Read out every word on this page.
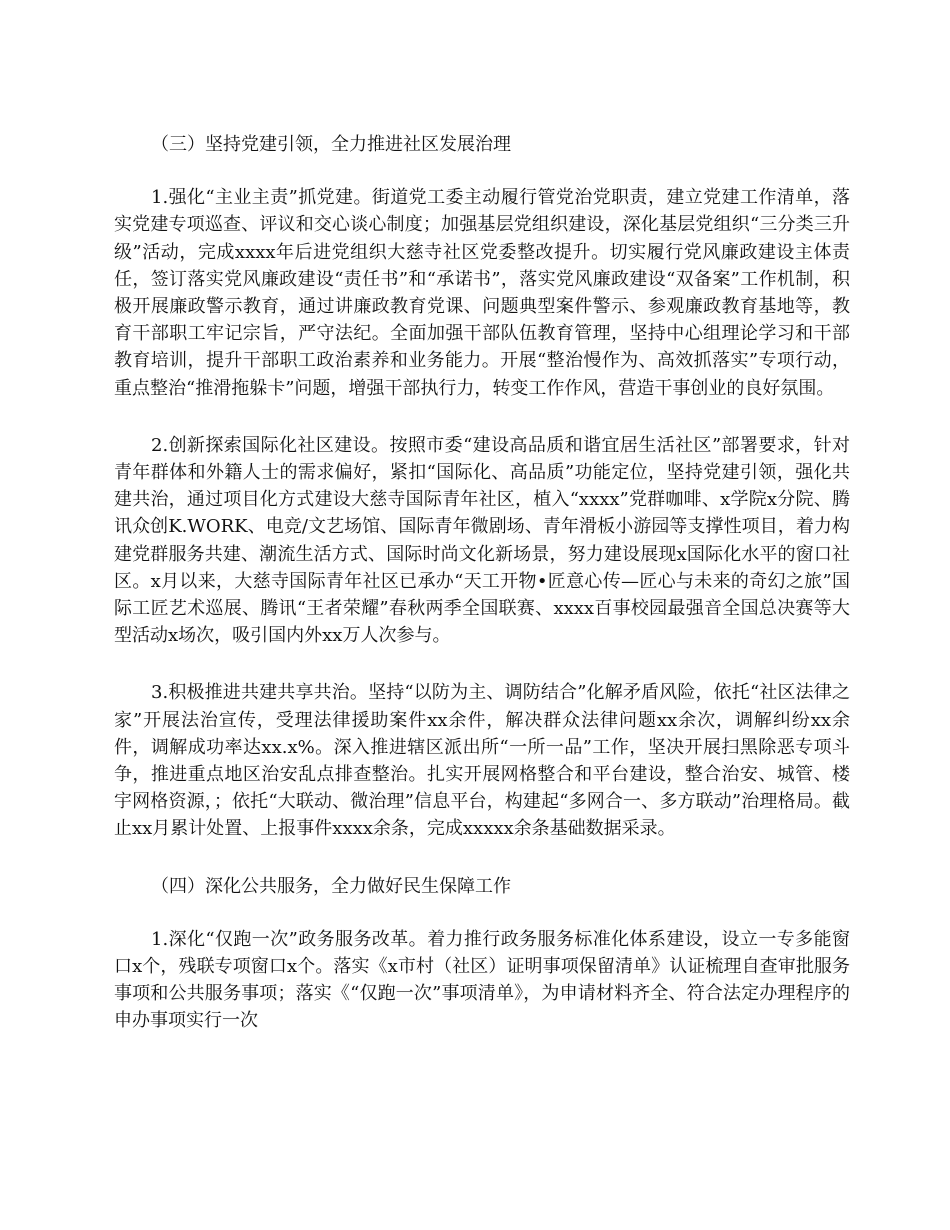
（三）坚持党建引领，全力推进社区发展治理

1.强化“主业主责”抓党建。街道党工委主动履行管党治党职责，建立党建工作清单，落实党建专项巡查、评议和交心谈心制度；加强基层党组织建设，深化基层党组织“三分类三升级”活动，完成xxxx年后进党组织大慈寺社区党委整改提升。切实履行党风廉政建设主体责任，签订落实党风廉政建设“责任书”和“承诺书”，落实党风廉政建设“双备案”工作机制，积极开展廉政警示教育，通过讲廉政教育党课、问题典型案件警示、参观廉政教育基地等，教育干部职工牢记宗旨，严守法纪。全面加强干部队伍教育管理，坚持中心组理论学习和干部教育培训，提升干部职工政治素养和业务能力。开展“整治慢作为、高效抓落实”专项行动，重点整治“推滑拖躲卡”问题，增强干部执行力，转变工作作风，营造干事创业的良好氛围。

2.创新探索国际化社区建设。按照市委“建设高品质和谐宜居生活社区”部署要求，针对青年群体和外籍人士的需求偏好，紧扣“国际化、高品质”功能定位，坚持党建引领，强化共建共治，通过项目化方式建设大慈寺国际青年社区，植入“xxxx”党群咖啡、x学院x分院、腾讯众创K.WORK、电竞/文艺场馆、国际青年微剧场、青年滑板小游园等支撑性项目，着力构建党群服务共建、潮流生活方式、国际时尚文化新场景，努力建设展现x国际化水平的窗口社区。x月以来，大慈寺国际青年社区已承办“天工开物•匠意心传—匠心与未来的奇幻之旅”国际工匠艺术巡展、腾讯“王者荣耀”春秋两季全国联赛、xxxx百事校园最强音全国总决赛等大型活动x场次，吸引国内外xx万人次参与。

3.积极推进共建共享共治。坚持“以防为主、调防结合”化解矛盾风险，依托“社区法律之家”开展法治宣传，受理法律援助案件xx余件，解决群众法律问题xx余次，调解纠纷xx余件，调解成功率达xx.x%。深入推进辖区派出所“一所一品”工作，坚决开展扫黑除恶专项斗争，推进重点地区治安乱点排查整治。扎实开展网格整合和平台建设，整合治安、城管、楼宇网格资源，；依托“大联动、微治理”信息平台，构建起“多网合一、多方联动”治理格局。截止xx月累计处置、上报事件xxxx余条，完成xxxxx余条基础数据采录。

（四）深化公共服务，全力做好民生保障工作

1.深化“仅跑一次”政务服务改革。着力推行政务服务标准化体系建设，设立一专多能窗口x个，残联专项窗口x个。落实《x市村（社区）证明事项保留清单》认证梳理自查审批服务事项和公共服务事项；落实《“仅跑一次”事项清单》，为申请材料齐全、符合法定办理程序的申办事项实行一次
